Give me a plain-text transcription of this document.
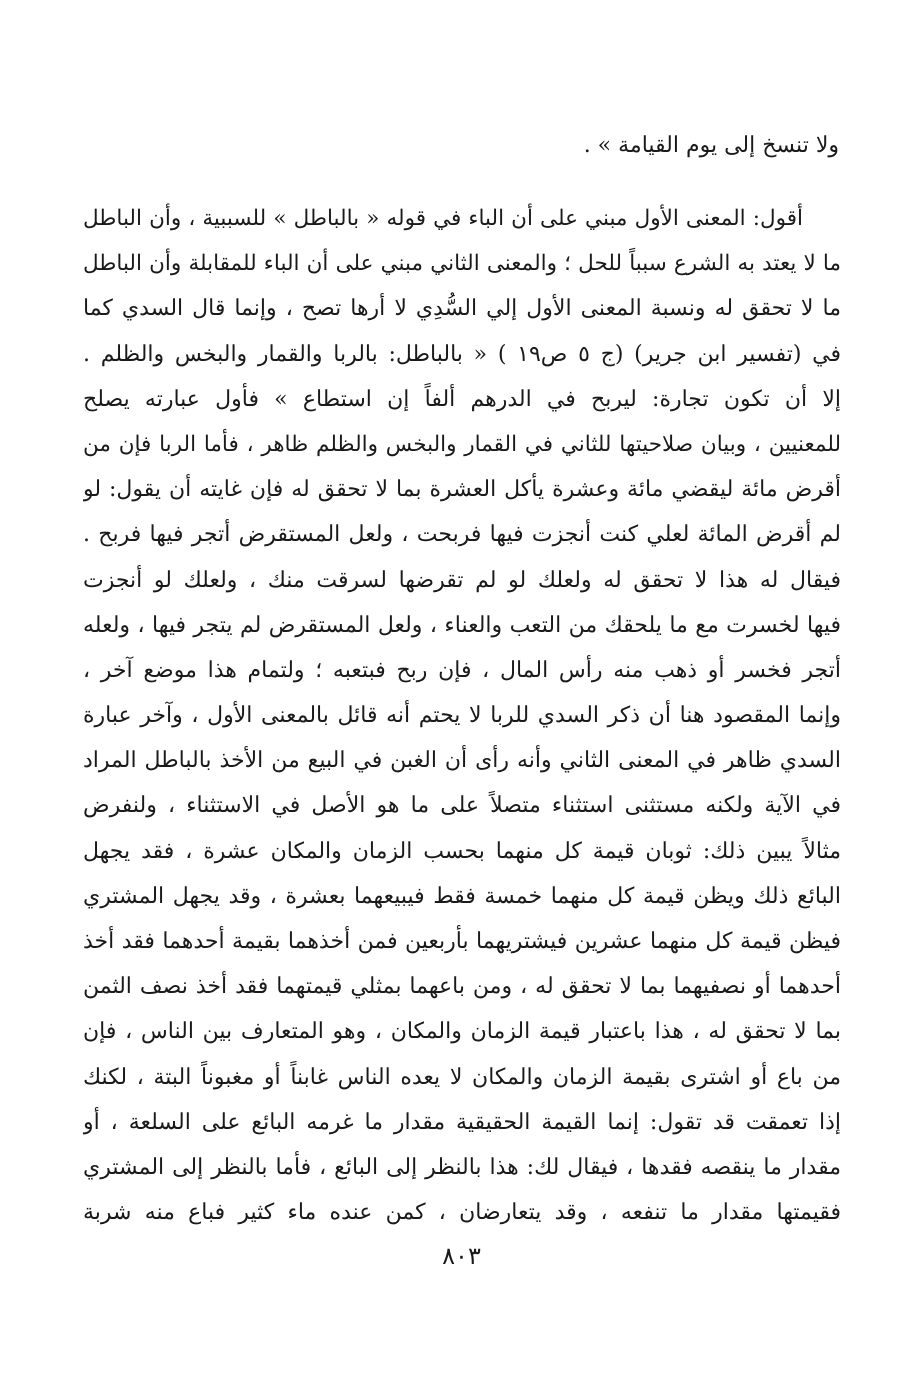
ولا تنسخ إلى يوم القيامة » .
أقول: المعنى الأول مبني على أن الباء في قوله « بالباطل » للسببية ، وأن الباطل
ما لا يعتد به الشرع سبباً للحل ؛ والمعنى الثاني مبني على أن الباء للمقابلة وأن الباطل
ما لا تحقق له ونسبة المعنى الأول إلي السُّدِي لا أرها تصح ، وإنما قال السدي كما
في (تفسير ابن جرير) (ج ٥ ص١٩ ) « بالباطل: بالربا والقمار والبخس والظلم .
إلا أن تكون تجارة: ليربح في الدرهم ألفاً إن استطاع » فأول عبارته يصلح
للمعنيين ، وبيان صلاحيتها للثاني في القمار والبخس والظلم ظاهر ، فأما الربا فإن من
أقرض مائة ليقضي مائة وعشرة يأكل العشرة بما لا تحقق له فإن غايته أن يقول: لو
لم أقرض المائة لعلي كنت أنجزت فيها فربحت ، ولعل المستقرض أتجر فيها فربح .
فيقال له هذا لا تحقق له ولعلك لو لم تقرضها لسرقت منك ، ولعلك لو أنجزت
فيها لخسرت مع ما يلحقك من التعب والعناء ، ولعل المستقرض لم يتجر فيها ، ولعله
أتجر فخسر أو ذهب منه رأس المال ، فإن ربح فبتعبه ؛ ولتمام هذا موضع آخر ،
وإنما المقصود هنا أن ذكر السدي للربا لا يحتم أنه قائل بالمعنى الأول ، وآخر عبارة
السدي ظاهر في المعنى الثاني وأنه رأى أن الغبن في البيع من الأخذ بالباطل المراد
في الآية ولكنه مستثنى استثناء متصلاً على ما هو الأصل في الاستثناء ، ولنفرض
مثالاً يبين ذلك: ثوبان قيمة كل منهما بحسب الزمان والمكان عشرة ، فقد يجهل
البائع ذلك ويظن قيمة كل منهما خمسة فقط فيبيعهما بعشرة ، وقد يجهل المشتري
فيظن قيمة كل منهما عشرين فيشتريهما بأربعين فمن أخذهما بقيمة أحدهما فقد أخذ
أحدهما أو نصفيهما بما لا تحقق له ، ومن باعهما بمثلي قيمتهما فقد أخذ نصف الثمن
بما لا تحقق له ، هذا باعتبار قيمة الزمان والمكان ، وهو المتعارف بين الناس ، فإن
من باع أو اشترى بقيمة الزمان والمكان لا يعده الناس غابناً أو مغبوناً البتة ، لكنك
إذا تعمقت قد تقول: إنما القيمة الحقيقية مقدار ما غرمه البائع على السلعة ، أو
مقدار ما ينقصه فقدها ، فيقال لك: هذا بالنظر إلى البائع ، فأما بالنظر إلى المشتري
فقيمتها مقدار ما تنفعه ، وقد يتعارضان ، كمن عنده ماء كثير فباع منه شربة
٨٠٣
